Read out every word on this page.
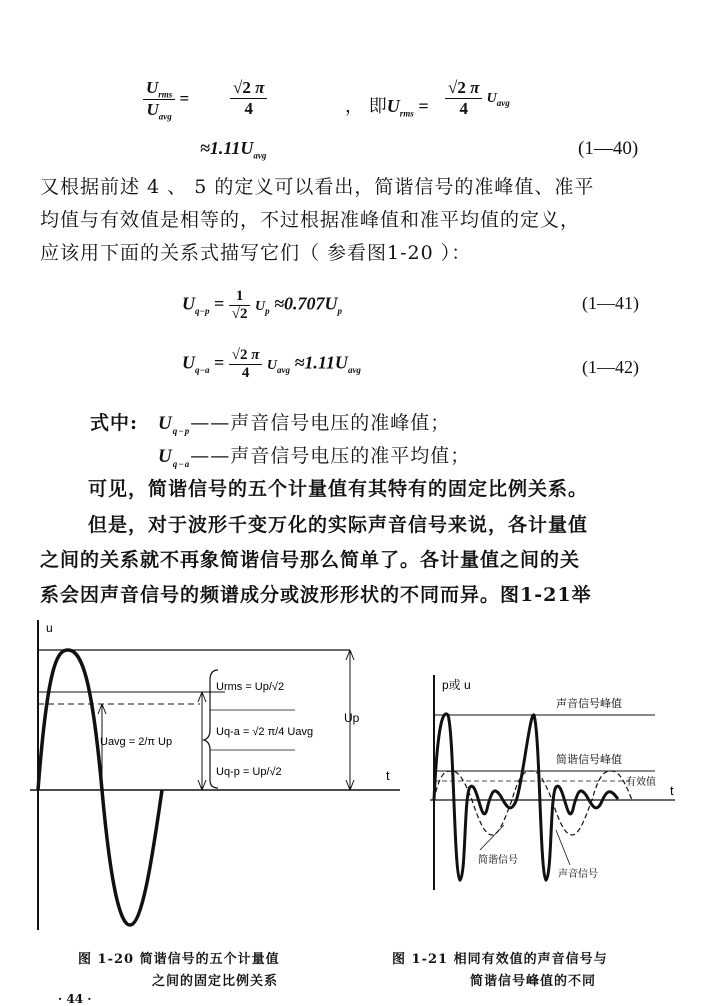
$\frac{U_{rms}}{U_{avg}} = \frac{√2 \pi}{4}$	， 即$U_{rms} = \frac{√2 \pi}{4} U_{avg}$
$\approx 1.11U_{avg}$	(1—40)
又根据前述 4 、 5 的定义可以看出，简谐信号的准峰值、准平
均值与有效值是相等的，不过根据准峰值和准平均值的定义，
应该用下面的关系式描写它们（ 参看图1-20 ）：
$U_{q-p} = \frac{1}{√2} U_p \approx 0.707U_p$	(1—41)
$U_{q-a} = \frac{√2 \pi}{4} U_{avg} \approx 1.11U_{avg}$	(1—42)
式中: $U_{q-p}——$声音信号电压的准峰值；
$U_{q-a}——$声音信号电压的准平均值；
可见，简谐信号的五个计量值有其特有的固定比例关系。
但是，对于波形千变万化的实际声音信号来说，各计量值
之间的关系就不再象简谐信号那么简单了。各计量值之间的关
系会因声音信号的频谱成分或波形形状的不同而异。图1-21举
u
t
Urms = Up/√2
Uq-a = √2 π/4 Uavg
Uq-p = Up/√2
Up
Uavg = 2/π Up
图 1-20 简谐信号的五个计量值
之间的固定比例关系
p或 u
t
声音信号峰值
简谐信号峰值
有效值
简谐信号
声音信号
图 1-21 相同有效值的声音信号与
简谐信号峰值的不同
· 44 ·
